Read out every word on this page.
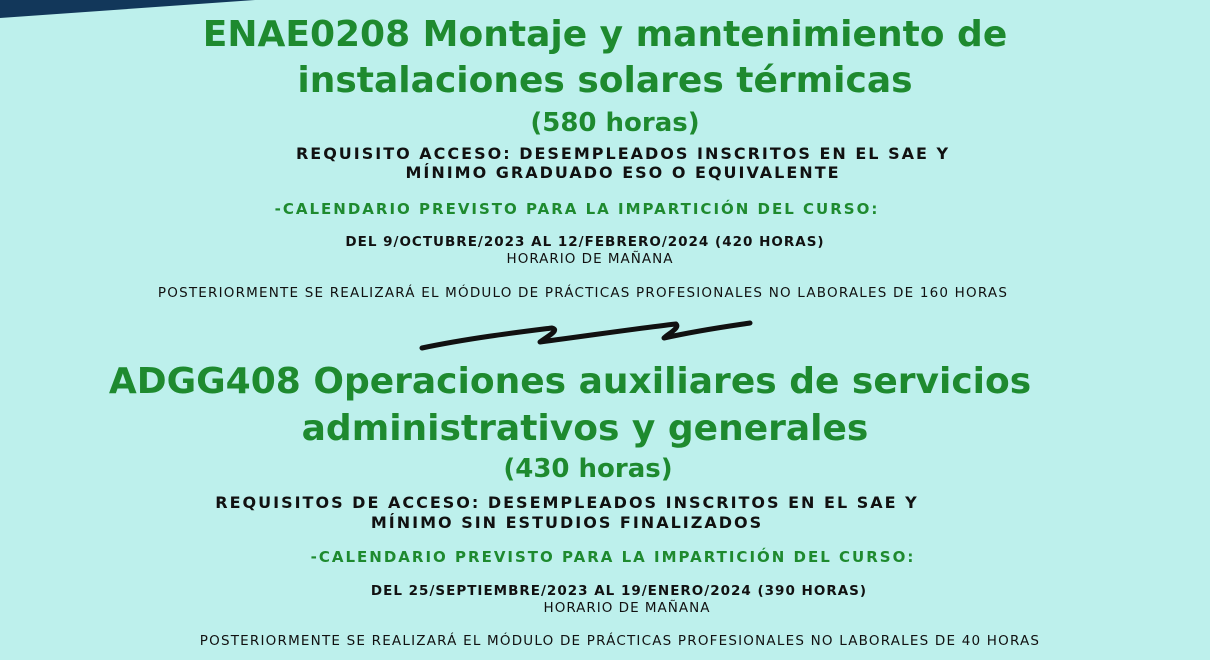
ENAE0208 Montaje y mantenimiento de
instalaciones solares térmicas
(580 horas)
REQUISITO ACCESO: DESEMPLEADOS INSCRITOS EN EL SAE Y
MÍNIMO GRADUADO ESO O EQUIVALENTE
-CALENDARIO PREVISTO PARA LA IMPARTICIÓN DEL CURSO:
DEL 9/OCTUBRE/2023 AL 12/FEBRERO/2024 (420 HORAS)
HORARIO DE MAÑANA
POSTERIORMENTE SE REALIZARÁ EL MÓDULO DE PRÁCTICAS PROFESIONALES NO LABORALES DE 160 HORAS
ADGG408 Operaciones auxiliares de servicios
administrativos y generales
(430 horas)
REQUISITOS DE ACCESO: DESEMPLEADOS INSCRITOS EN EL SAE Y
MÍNIMO SIN ESTUDIOS FINALIZADOS
-CALENDARIO PREVISTO PARA LA IMPARTICIÓN DEL CURSO:
DEL 25/SEPTIEMBRE/2023 AL 19/ENERO/2024 (390 HORAS)
HORARIO DE MAÑANA
POSTERIORMENTE SE REALIZARÁ EL MÓDULO DE PRÁCTICAS PROFESIONALES NO LABORALES DE 40 HORAS
